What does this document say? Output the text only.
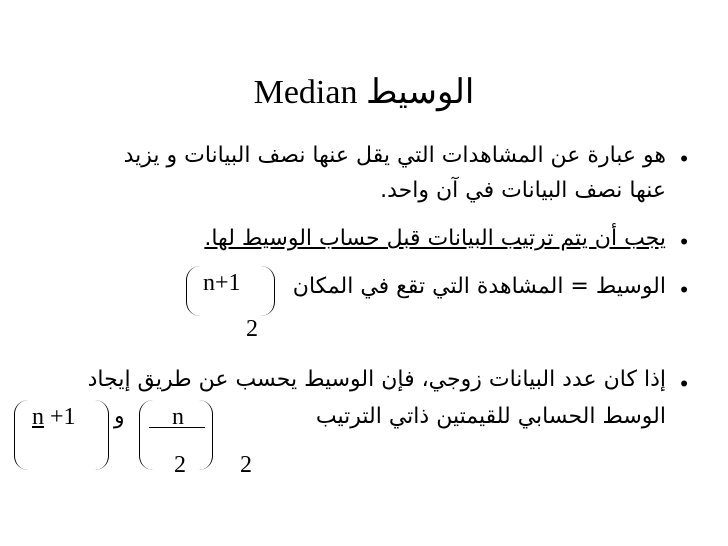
Median الوسيط
•
هو عبارة عن المشاهدات التي يقل عنها نصف البيانات و يزيد
عنها نصف البيانات في آن واحد.
•
يجب أن يتم ترتيب البيانات قبل حساب الوسيط لها.
•
الوسيط = المشاهدة التي تقع في المكان
n+1
2
•
إذا كان عدد البيانات زوجي، فإن الوسيط يحسب عن طريق إيجاد
الوسط الحسابي للقيمتين ذاتي الترتيب
n
2
و
n +1
2
